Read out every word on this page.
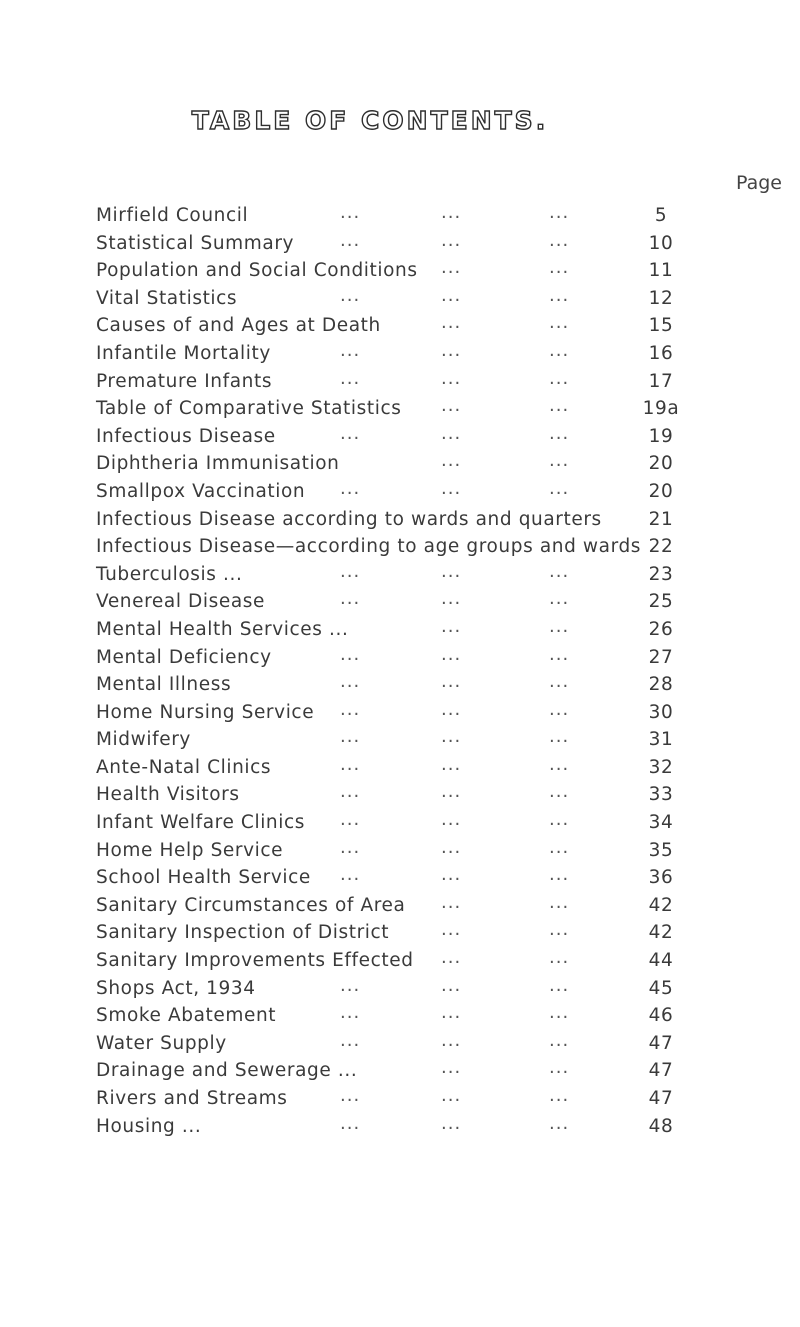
TABLE OF CONTENTS.
Page
Mirfield Council	...	...	...	5
Statistical Summary	...	...	...	10
Population and Social Conditions ...	...	11
Vital Statistics	...	...	...	12
Causes of and Ages at Death	...	...	15
Infantile Mortality	...	...	...	16
Premature Infants	...	...	...	17
Table of Comparative Statistics ...	...	19a
Infectious Disease	...	...	...	19
Diphtheria Immunisation	...	...	20
Smallpox Vaccination ...	...	...	20
Infectious Disease according to wards and quarters	21
Infectious Disease—according to age groups and wards 22
Tuberculosis ...	...	...	...	23
Venereal Disease	...	...	...	25
Mental Health Services ...	...	...	26
Mental Deficiency	...	...	...	27
Mental Illness	...	...	...	28
Home Nursing Service ...	...	...	30
Midwifery	...	...	...	31
Ante-Natal Clinics	...	...	...	32
Health Visitors	...	...	...	33
Infant Welfare Clinics ...	...	...	34
Home Help Service	...	...	...	35
School Health Service ...	...	...	36
Sanitary Circumstances of Area ...	...	42
Sanitary Inspection of District	...	...	42
Sanitary Improvements Effected ...	...	44
Shops Act, 1934	...	...	...	45
Smoke Abatement	...	...	...	46
Water Supply	...	...	...	47
Drainage and Sewerage ...	...	...	47
Rivers and Streams	...	...	...	47
Housing ...	...	...	...	48
